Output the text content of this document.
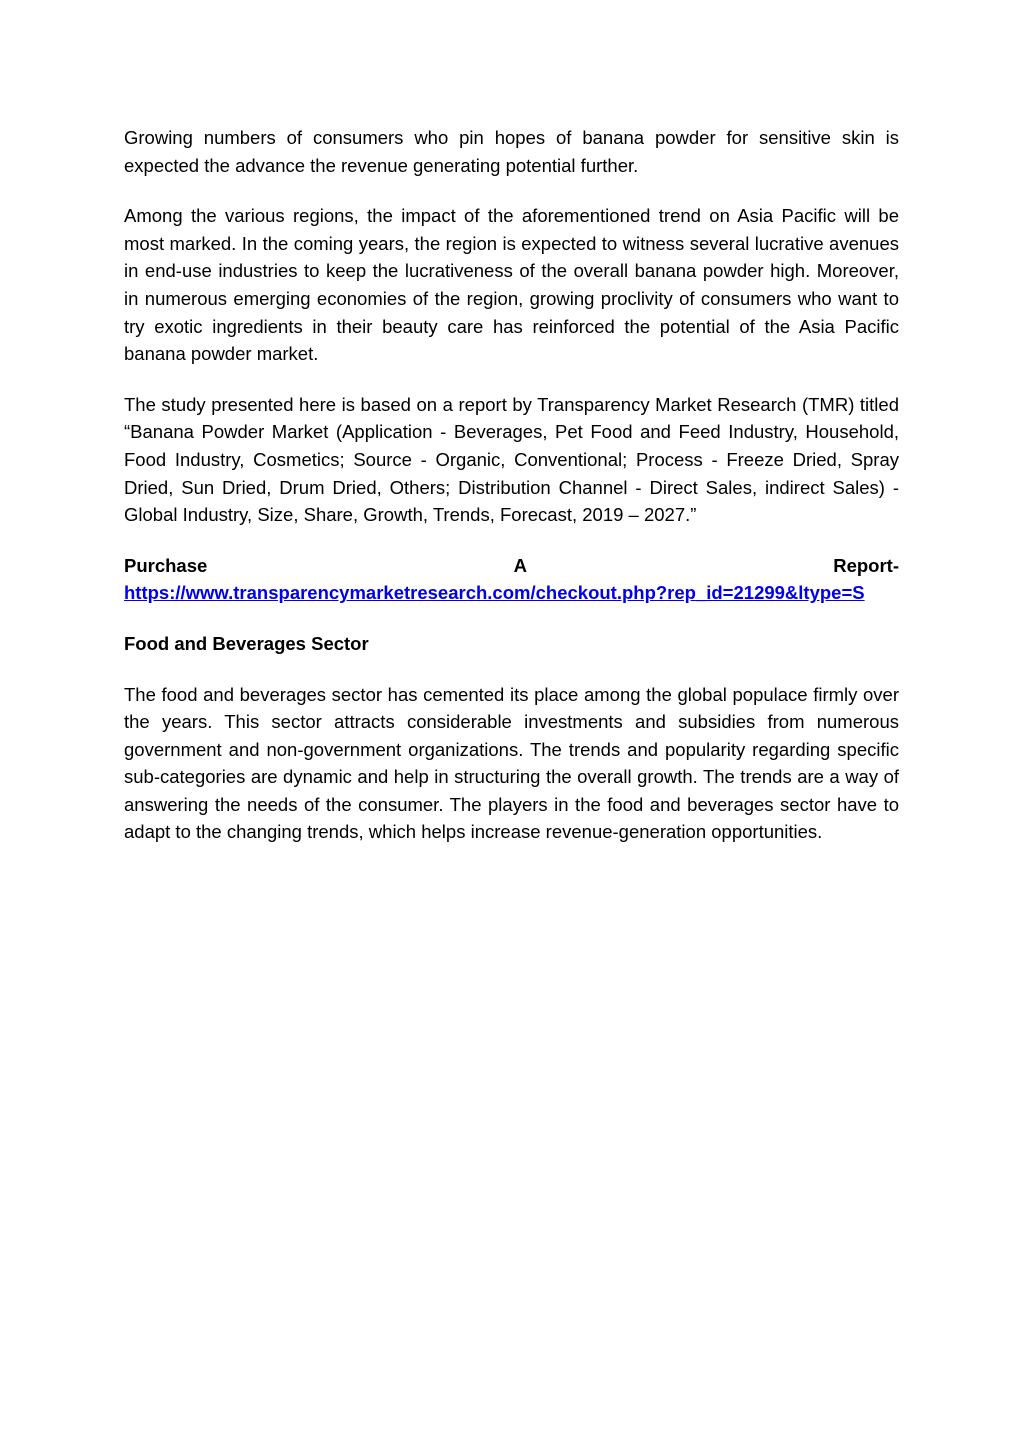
Growing numbers of consumers who pin hopes of banana powder for sensitive skin is expected the advance the revenue generating potential further.

Among the various regions, the impact of the aforementioned trend on Asia Pacific will be most marked. In the coming years, the region is expected to witness several lucrative avenues in end-use industries to keep the lucrativeness of the overall banana powder high. Moreover, in numerous emerging economies of the region, growing proclivity of consumers who want to try exotic ingredients in their beauty care has reinforced the potential of the Asia Pacific banana powder market.

The study presented here is based on a report by Transparency Market Research (TMR) titled “Banana Powder Market (Application - Beverages, Pet Food and Feed Industry, Household, Food Industry, Cosmetics; Source - Organic, Conventional; Process - Freeze Dried, Spray Dried, Sun Dried, Drum Dried, Others; Distribution Channel - Direct Sales, indirect Sales) - Global Industry, Size, Share, Growth, Trends, Forecast, 2019 – 2027.”

Purchase	A	Report-
https://www.transparencymarketresearch.com/checkout.php?rep_id=21299&ltype=S

Food and Beverages Sector

The food and beverages sector has cemented its place among the global populace firmly over the years. This sector attracts considerable investments and subsidies from numerous government and non-government organizations. The trends and popularity regarding specific sub-categories are dynamic and help in structuring the overall growth. The trends are a way of answering the needs of the consumer. The players in the food and beverages sector have to adapt to the changing trends, which helps increase revenue-generation opportunities.
